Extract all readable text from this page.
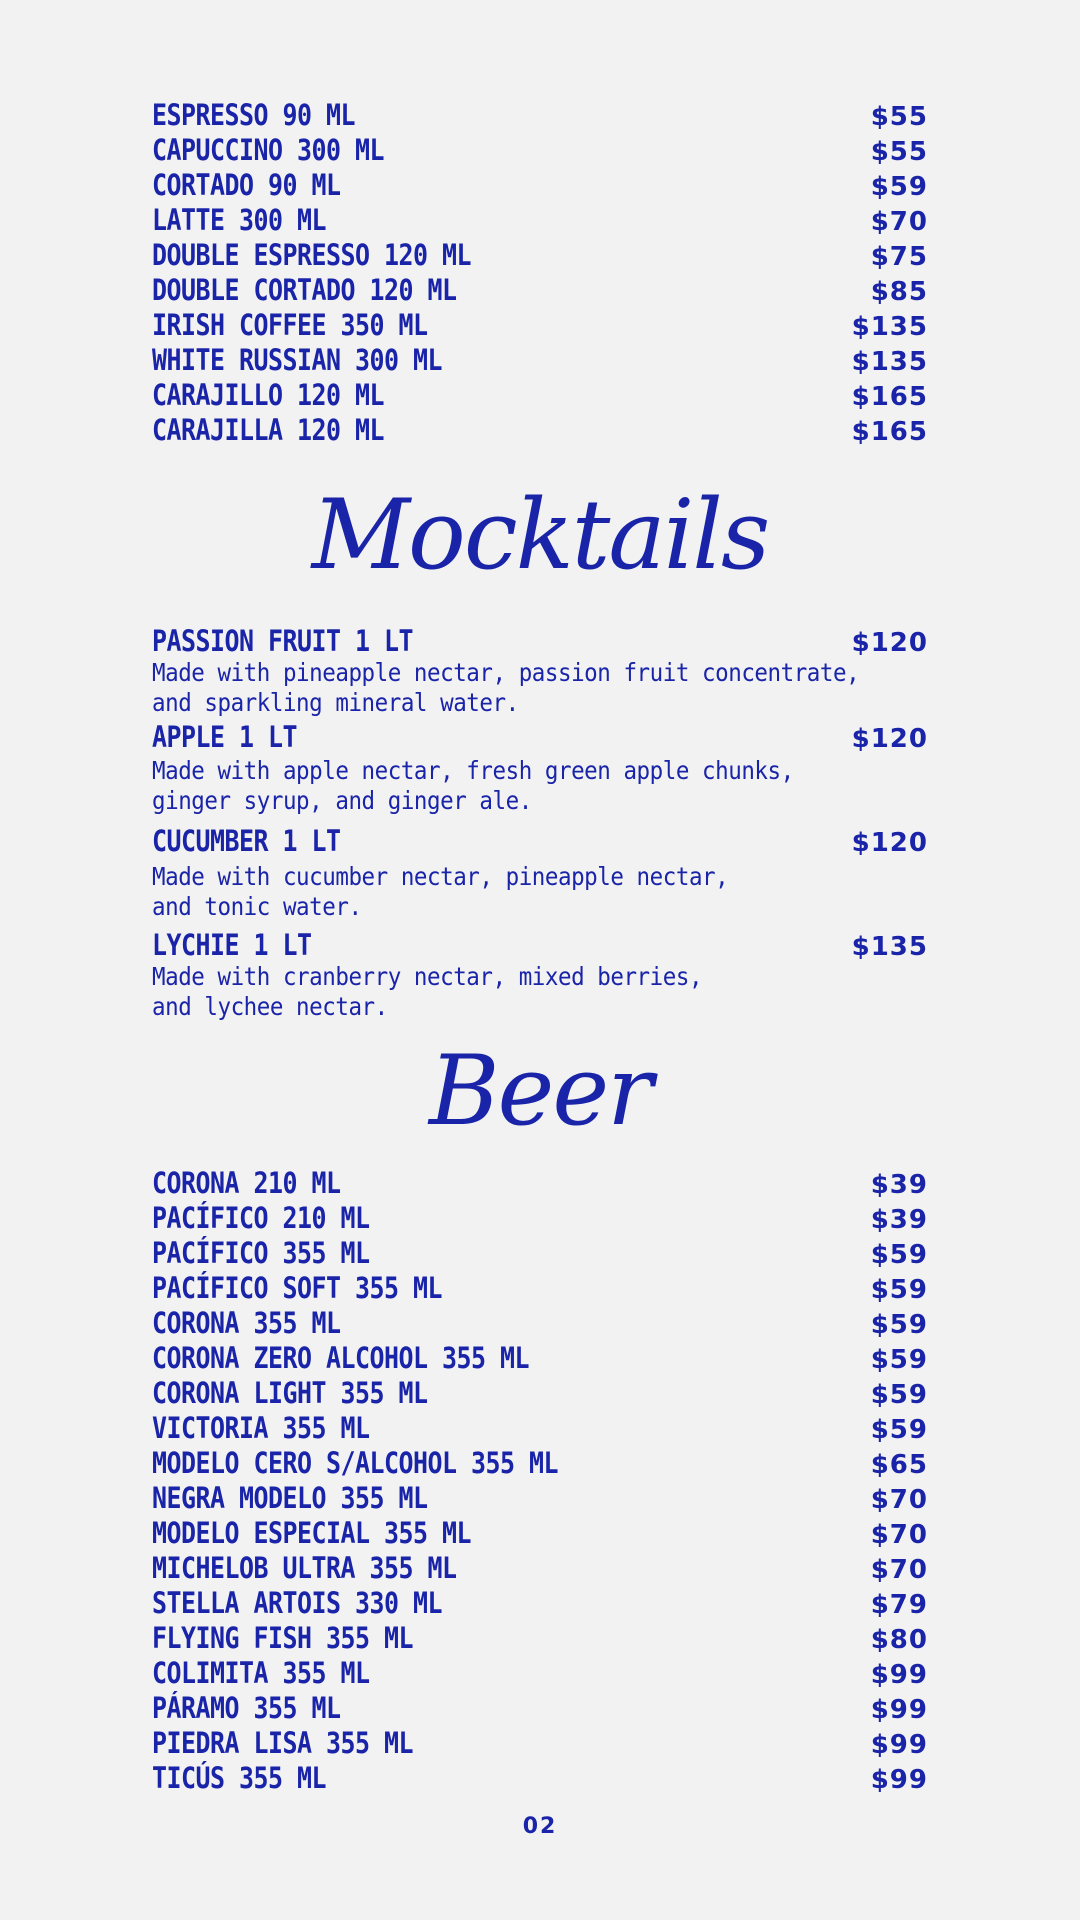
ESPRESSO 90 ML	$55
CAPUCCINO 300 ML	$55
CORTADO 90 ML	$59
LATTE 300 ML	$70
DOUBLE ESPRESSO 120 ML	$75
DOUBLE CORTADO 120 ML	$85
IRISH COFFEE 350 ML	$135
WHITE RUSSIAN 300 ML	$135
CARAJILLO 120 ML	$165
CARAJILLA 120 ML	$165
Mocktails
PASSION FRUIT 1 LT	$120
Made with pineapple nectar, passion fruit concentrate,
and sparkling mineral water.
APPLE 1 LT	$120
Made with apple nectar, fresh green apple chunks,
ginger syrup, and ginger ale.
CUCUMBER 1 LT	$120
Made with cucumber nectar, pineapple nectar,
and tonic water.
LYCHIE 1 LT	$135
Made with cranberry nectar, mixed berries,
and lychee nectar.
Beer
CORONA 210 ML	$39
PACÍFICO 210 ML	$39
PACÍFICO 355 ML	$59
PACÍFICO SOFT 355 ML	$59
CORONA 355 ML	$59
CORONA ZERO ALCOHOL 355 ML	$59
CORONA LIGHT 355 ML	$59
VICTORIA 355 ML	$59
MODELO CERO S/ALCOHOL 355 ML	$65
NEGRA MODELO 355 ML	$70
MODELO ESPECIAL 355 ML	$70
MICHELOB ULTRA 355 ML	$70
STELLA ARTOIS 330 ML	$79
FLYING FISH 355 ML	$80
COLIMITA 355 ML	$99
PÁRAMO 355 ML	$99
PIEDRA LISA 355 ML	$99
TICÚS 355 ML	$99
02
